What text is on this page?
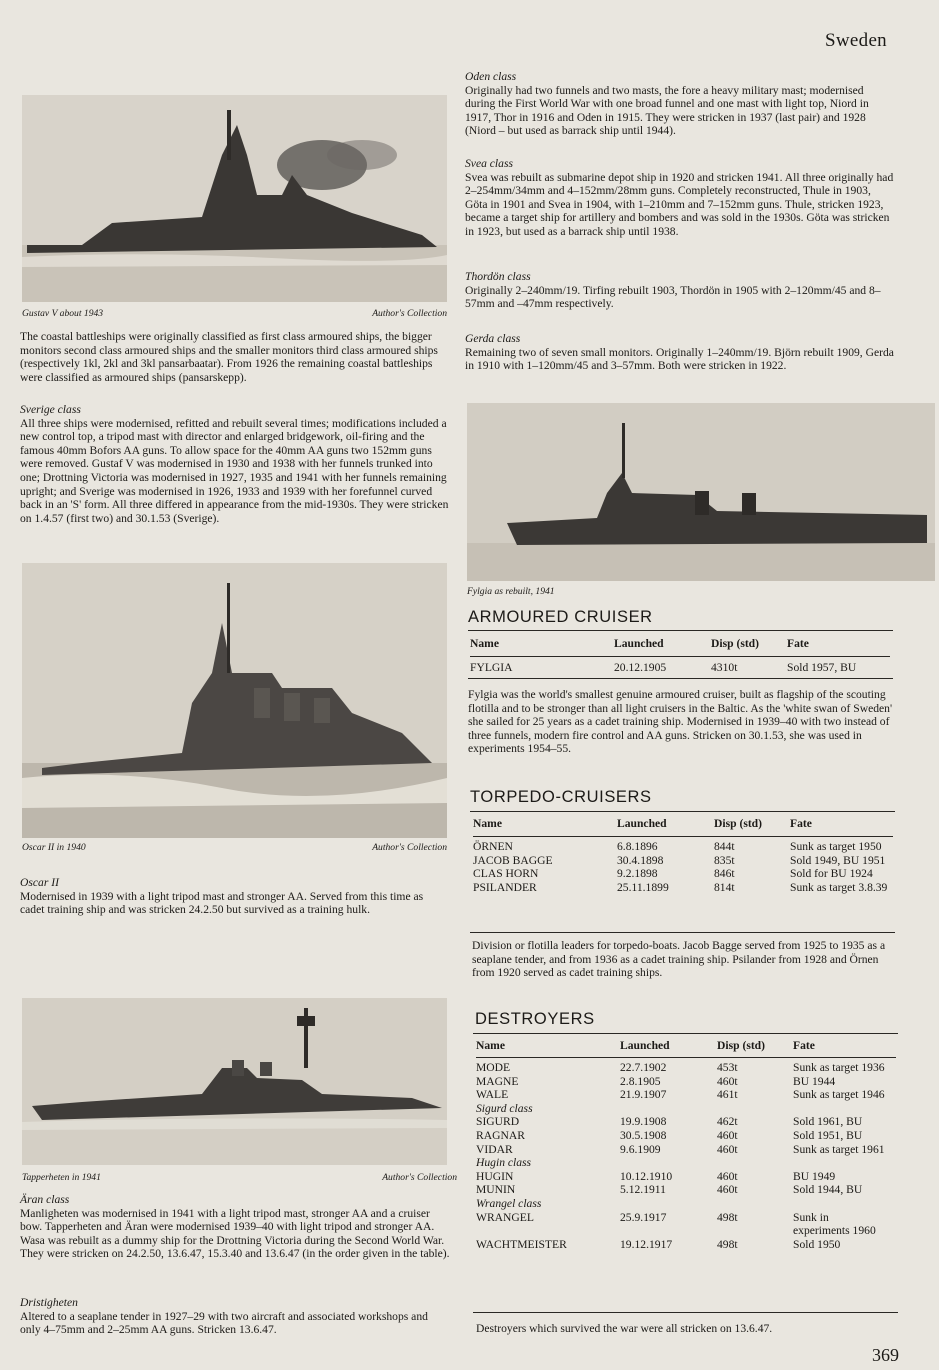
Sweden
Gustav V about 1943	Author's Collection

The coastal battleships were originally classified as first class armoured ships, the bigger monitors second class armoured ships and the smaller monitors third class armoured ships (respectively 1kl, 2kl and 3kl pansarbaatar). From 1926 the remaining coastal battleships were classified as armoured ships (pansarskepp).

Sverige class

All three ships were modernised, refitted and rebuilt several times; modifications included a new control top, a tripod mast with director and enlarged bridgework, oil-firing and the famous 40mm Bofors AA guns. To allow space for the 40mm AA guns two 152mm guns were removed. Gustaf V was modernised in 1930 and 1938 with her funnels trunked into one; Drottning Victoria was modernised in 1927, 1935 and 1941 with her funnels remaining upright; and Sverige was modernised in 1926, 1933 and 1939 with her forefunnel curved back in an 'S' form. All three differed in appearance from the mid-1930s. They were stricken on 1.4.57 (first two) and 30.1.53 (Sverige).

Oscar II in 1940	Author's Collection

Oscar II

Modernised in 1939 with a light tripod mast and stronger AA. Served from this time as cadet training ship and was stricken 24.2.50 but survived as a training hulk.

Tapperheten in 1941	Author's Collection

Äran class

Manligheten was modernised in 1941 with a light tripod mast, stronger AA and a cruiser bow. Tapperheten and Äran were modernised 1939–40 with light tripod and stronger AA. Wasa was rebuilt as a dummy ship for the Drottning Victoria during the Second World War. They were stricken on 24.2.50, 13.6.47, 15.3.40 and 13.6.47 (in the order given in the table).

Dristigheten

Altered to a seaplane tender in 1927–29 with two aircraft and associated workshops and only 4–75mm and 2–25mm AA guns. Stricken 13.6.47.

Oden class

Originally had two funnels and two masts, the fore a heavy military mast; modernised during the First World War with one broad funnel and one mast with light top, Niord in 1917, Thor in 1916 and Oden in 1915. They were stricken in 1937 (last pair) and 1928 (Niord – but used as barrack ship until 1944).

Svea class

Svea was rebuilt as submarine depot ship in 1920 and stricken 1941. All three originally had 2–254mm/34mm and 4–152mm/28mm guns. Completely reconstructed, Thule in 1903, Göta in 1901 and Svea in 1904, with 1–210mm and 7–152mm guns. Thule, stricken 1923, became a target ship for artillery and bombers and was sold in the 1930s. Göta was stricken in 1923, but used as a barrack ship until 1938.

Thordön class

Originally 2–240mm/19. Tirfing rebuilt 1903, Thordön in 1905 with 2–120mm/45 and 8–57mm and –47mm respectively.

Gerda class

Remaining two of seven small monitors. Originally 1–240mm/19. Björn rebuilt 1909, Gerda in 1910 with 1–120mm/45 and 3–57mm. Both were stricken in 1922.

Fylgia as rebuilt, 1941
ARMOURED CRUISER
Name	Launched	Disp (std)	Fate

FYLGIA	20.12.1905	4310t	Sold 1957, BU

Fylgia was the world's smallest genuine armoured cruiser, built as flagship of the scouting flotilla and to be stronger than all light cruisers in the Baltic. As the 'white swan of Sweden' she sailed for 25 years as a cadet training ship. Modernised in 1939–40 with two instead of three funnels, modern fire control and AA guns. Stricken on 30.1.53, she was used in experiments 1954–55.

TORPEDO-CRUISERS
Name	Launched	Disp (std)	Fate

ÖRNEN	6.8.1896	844t	Sunk as target 1950
JACOB BAGGE	30.4.1898	835t	Sold 1949, BU 1951
CLAS HORN	9.2.1898	846t	Sold for BU 1924
PSILANDER	25.11.1899	814t	Sunk as target 3.8.39

Division or flotilla leaders for torpedo-boats. Jacob Bagge served from 1925 to 1935 as a seaplane tender, and from 1936 as a cadet training ship. Psilander from 1928 and Örnen from 1920 served as cadet training ships.

DESTROYERS
Name	Launched	Disp (std)	Fate

MODE	22.7.1902	453t	Sunk as target 1936
MAGNE	2.8.1905	460t	BU 1944
WALE	21.9.1907	461t	Sunk as target 1946
Sigurd class			
SIGURD	19.9.1908	462t	Sold 1961, BU
RAGNAR	30.5.1908	460t	Sold 1951, BU
VIDAR	9.6.1909	460t	Sunk as target 1961
Hugin class			
HUGIN	10.12.1910	460t	BU 1949
MUNIN	5.12.1911	460t	Sold 1944, BU
Wrangel class			
WRANGEL	25.9.1917	498t	Sunk in experiments 1960
WACHTMEISTER	19.12.1917	498t	Sold 1950

Destroyers which survived the war were all stricken on 13.6.47.

369
